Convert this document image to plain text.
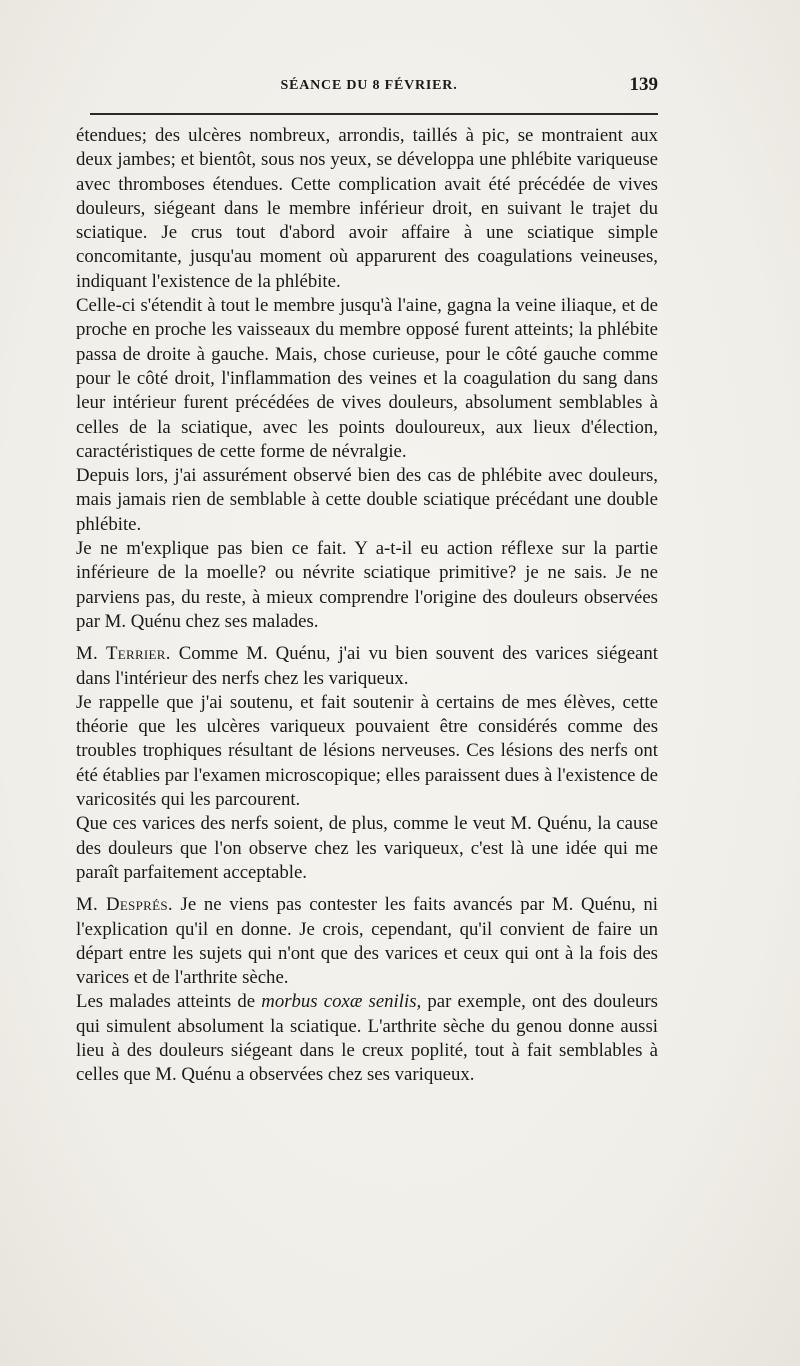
SÉANCE DU 8 FÉVRIER.	139

étendues; des ulcères nombreux, arrondis, taillés à pic, se montraient aux deux jambes; et bientôt, sous nos yeux, se développa une phlébite variqueuse avec thromboses étendues. Cette complication avait été précédée de vives douleurs, siégeant dans le membre inférieur droit, en suivant le trajet du sciatique. Je crus tout d'abord avoir affaire à une sciatique simple concomitante, jusqu'au moment où apparurent des coagulations veineuses, indiquant l'existence de la phlébite.

Celle-ci s'étendit à tout le membre jusqu'à l'aine, gagna la veine iliaque, et de proche en proche les vaisseaux du membre opposé furent atteints; la phlébite passa de droite à gauche. Mais, chose curieuse, pour le côté gauche comme pour le côté droit, l'inflammation des veines et la coagulation du sang dans leur intérieur furent précédées de vives douleurs, absolument semblables à celles de la sciatique, avec les points douloureux, aux lieux d'élection, caractéristiques de cette forme de névralgie.

Depuis lors, j'ai assurément observé bien des cas de phlébite avec douleurs, mais jamais rien de semblable à cette double sciatique précédant une double phlébite.

Je ne m'explique pas bien ce fait. Y a-t-il eu action réflexe sur la partie inférieure de la moelle? ou névrite sciatique primitive? je ne sais. Je ne parviens pas, du reste, à mieux comprendre l'origine des douleurs observées par M. Quénu chez ses malades.

M. Terrier. Comme M. Quénu, j'ai vu bien souvent des varices siégeant dans l'intérieur des nerfs chez les variqueux.

Je rappelle que j'ai soutenu, et fait soutenir à certains de mes élèves, cette théorie que les ulcères variqueux pouvaient être considérés comme des troubles trophiques résultant de lésions nerveuses. Ces lésions des nerfs ont été établies par l'examen microscopique; elles paraissent dues à l'existence de varicosités qui les parcourent.

Que ces varices des nerfs soient, de plus, comme le veut M. Quénu, la cause des douleurs que l'on observe chez les variqueux, c'est là une idée qui me paraît parfaitement acceptable.

M. Després. Je ne viens pas contester les faits avancés par M. Quénu, ni l'explication qu'il en donne. Je crois, cependant, qu'il convient de faire un départ entre les sujets qui n'ont que des varices et ceux qui ont à la fois des varices et de l'arthrite sèche.

Les malades atteints de morbus coxæ senilis, par exemple, ont des douleurs qui simulent absolument la sciatique. L'arthrite sèche du genou donne aussi lieu à des douleurs siégeant dans le creux poplité, tout à fait semblables à celles que M. Quénu a observées chez ses variqueux.
